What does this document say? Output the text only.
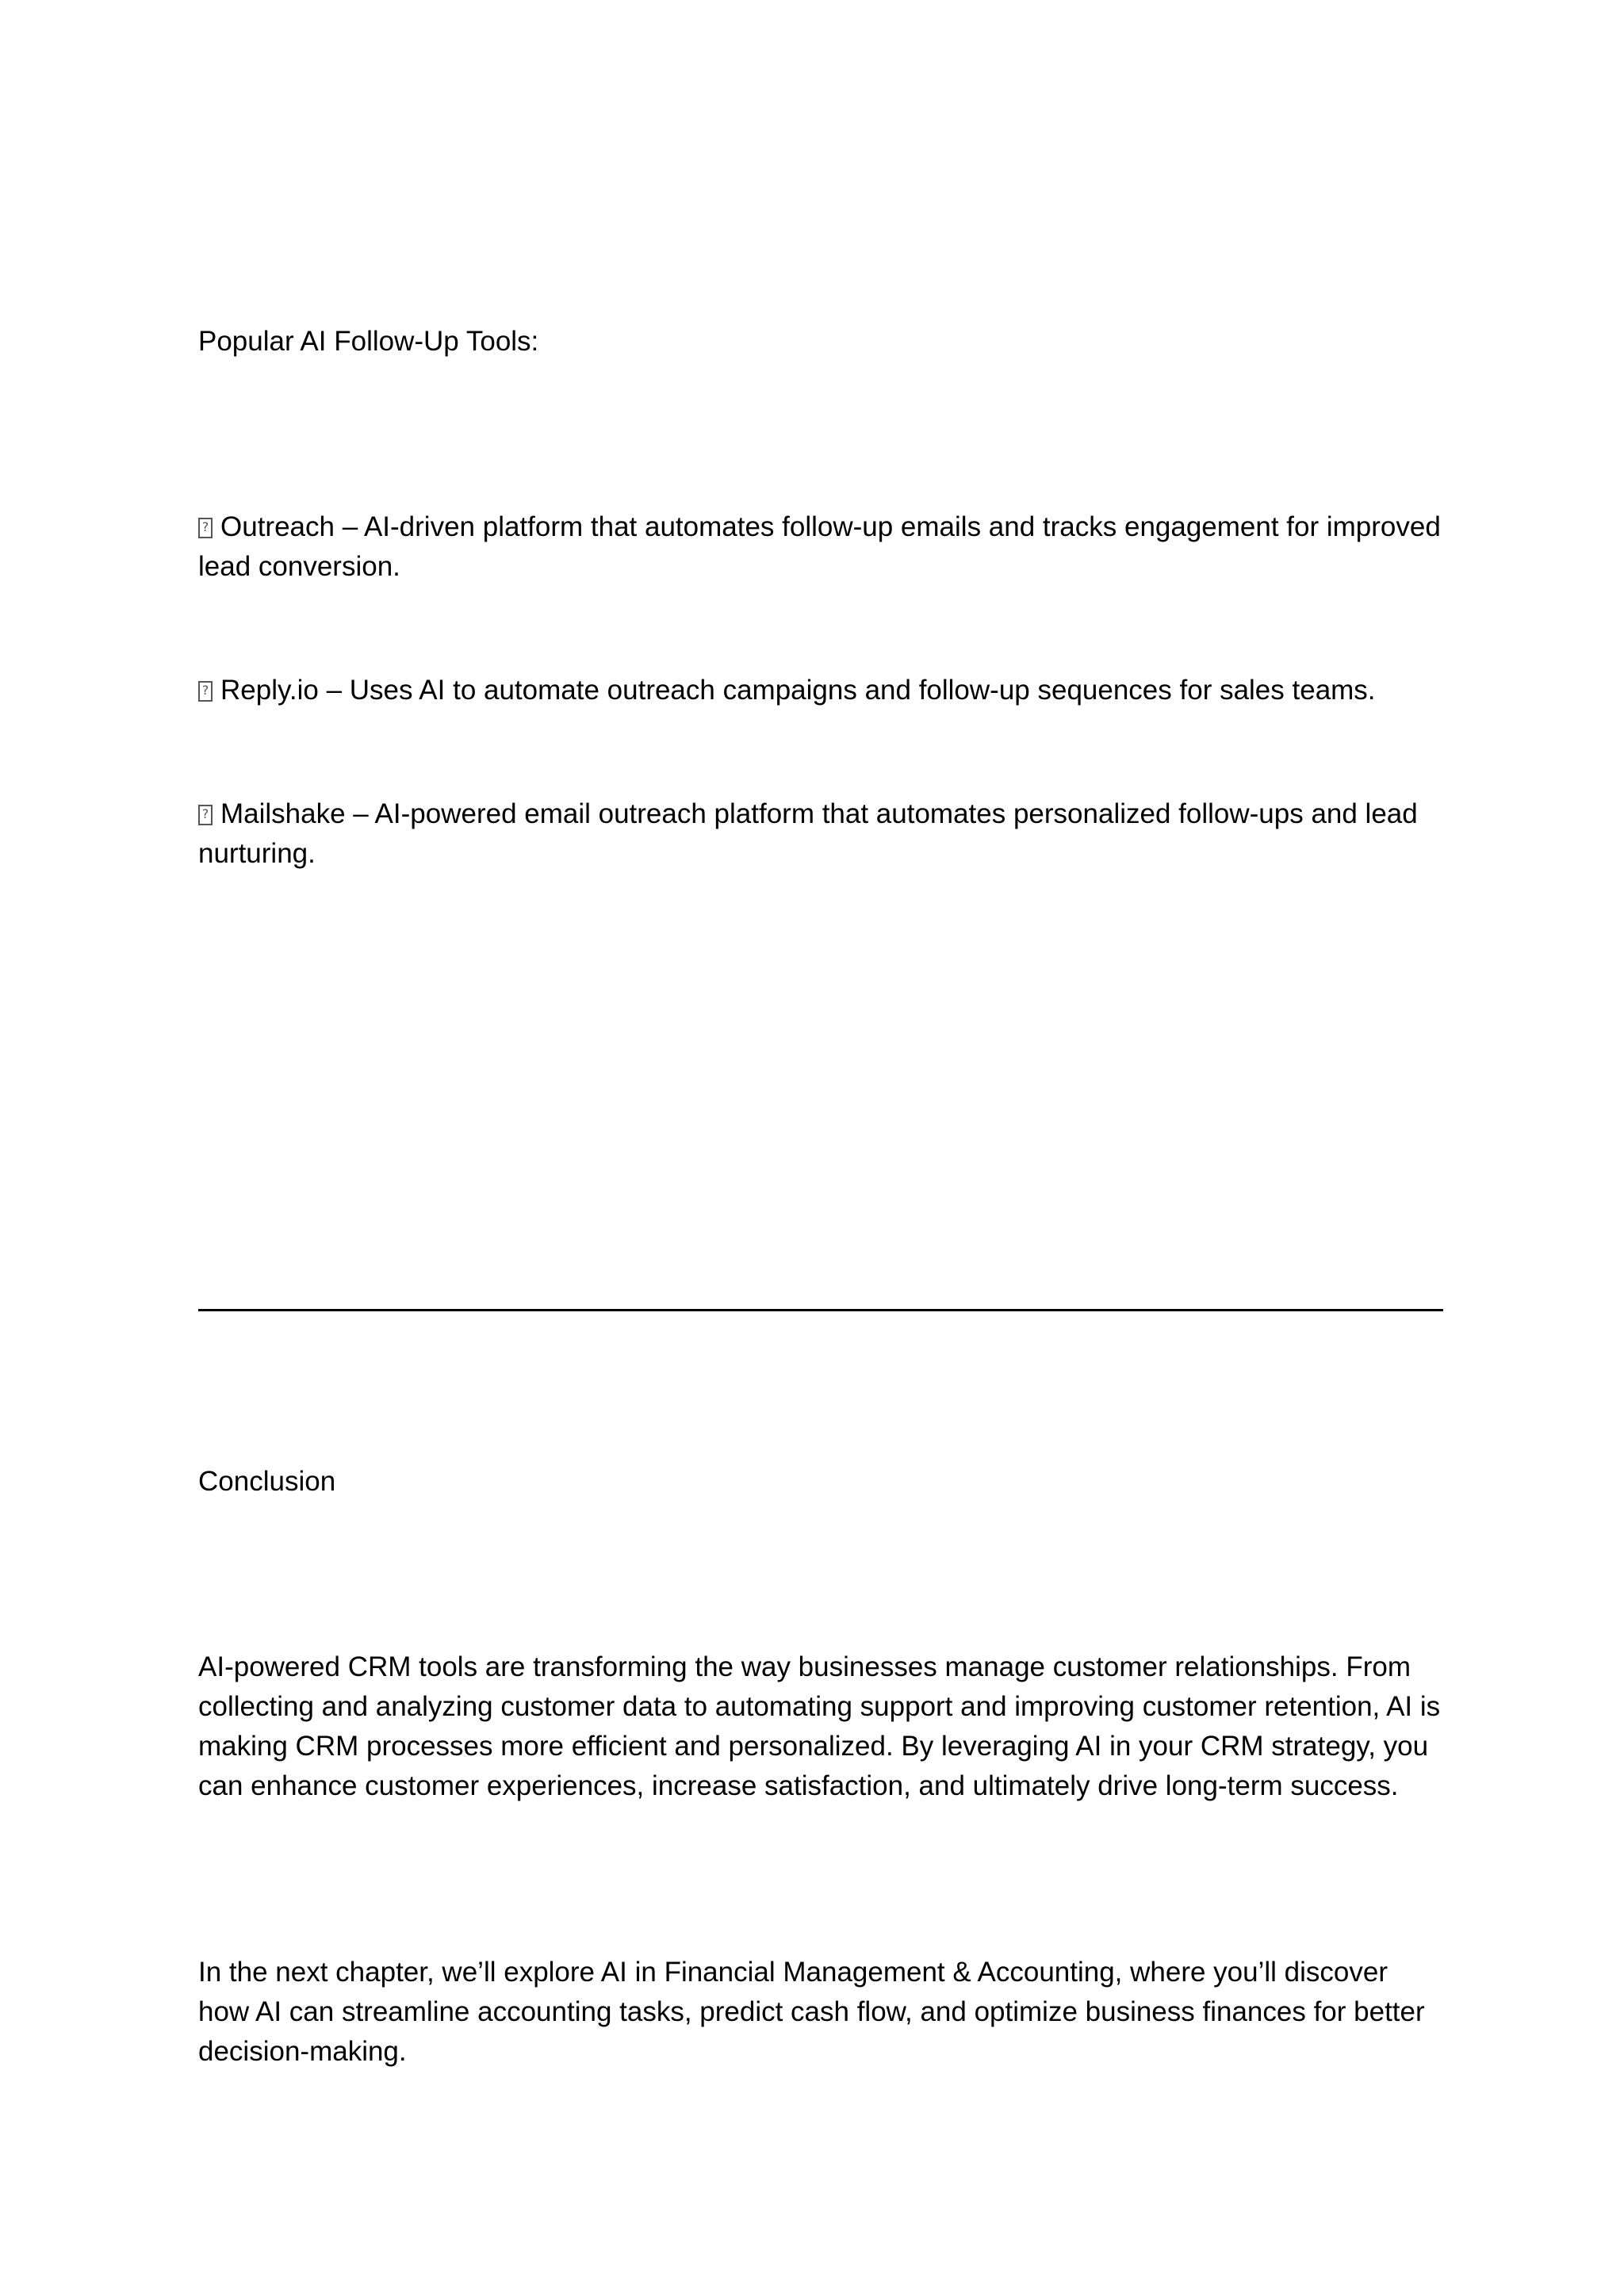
Popular AI Follow-Up Tools:

?Outreach – AI-driven platform that automates follow-up emails and tracks engagement for improved lead conversion.

?Reply.io – Uses AI to automate outreach campaigns and follow-up sequences for sales teams.

?Mailshake – AI-powered email outreach platform that automates personalized follow-ups and lead nurturing.

Conclusion

AI-powered CRM tools are transforming the way businesses manage customer relationships. From collecting and analyzing customer data to automating support and improving customer retention, AI is making CRM processes more efficient and personalized. By leveraging AI in your CRM strategy, you can enhance customer experiences, increase satisfaction, and ultimately drive long-term success.

In the next chapter, we’ll explore AI in Financial Management & Accounting, where you’ll discover how AI can streamline accounting tasks, predict cash flow, and optimize business finances for better decision-making.
